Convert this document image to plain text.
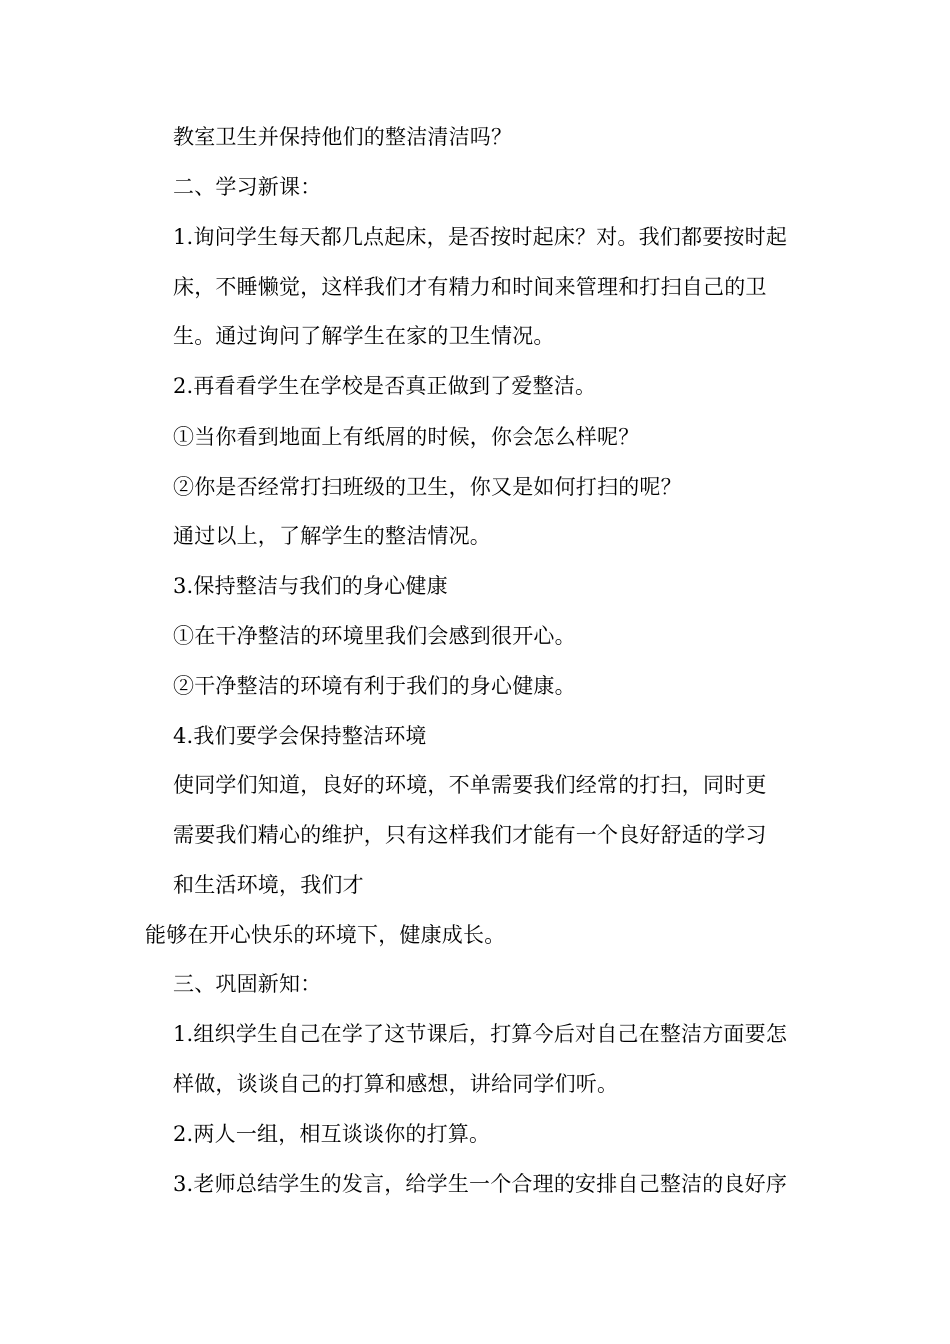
教室卫生并保持他们的整洁清洁吗？
二、学习新课：
1.询问学生每天都几点起床，是否按时起床？对。我们都要按时起
床，不睡懒觉，这样我们才有精力和时间来管理和打扫自己的卫
生。通过询问了解学生在家的卫生情况。
2.再看看学生在学校是否真正做到了爱整洁。
①当你看到地面上有纸屑的时候，你会怎么样呢？
②你是否经常打扫班级的卫生，你又是如何打扫的呢？
通过以上，了解学生的整洁情况。
3.保持整洁与我们的身心健康
①在干净整洁的环境里我们会感到很开心。
②干净整洁的环境有利于我们的身心健康。
4.我们要学会保持整洁环境
使同学们知道，良好的环境，不单需要我们经常的打扫，同时更
需要我们精心的维护，只有这样我们才能有一个良好舒适的学习
和生活环境，我们才
能够在开心快乐的环境下，健康成长。
三、巩固新知：
1.组织学生自己在学了这节课后，打算今后对自己在整洁方面要怎
样做，谈谈自己的打算和感想，讲给同学们听。
2.两人一组，相互谈谈你的打算。
3.老师总结学生的发言，给学生一个合理的安排自己整洁的良好序
